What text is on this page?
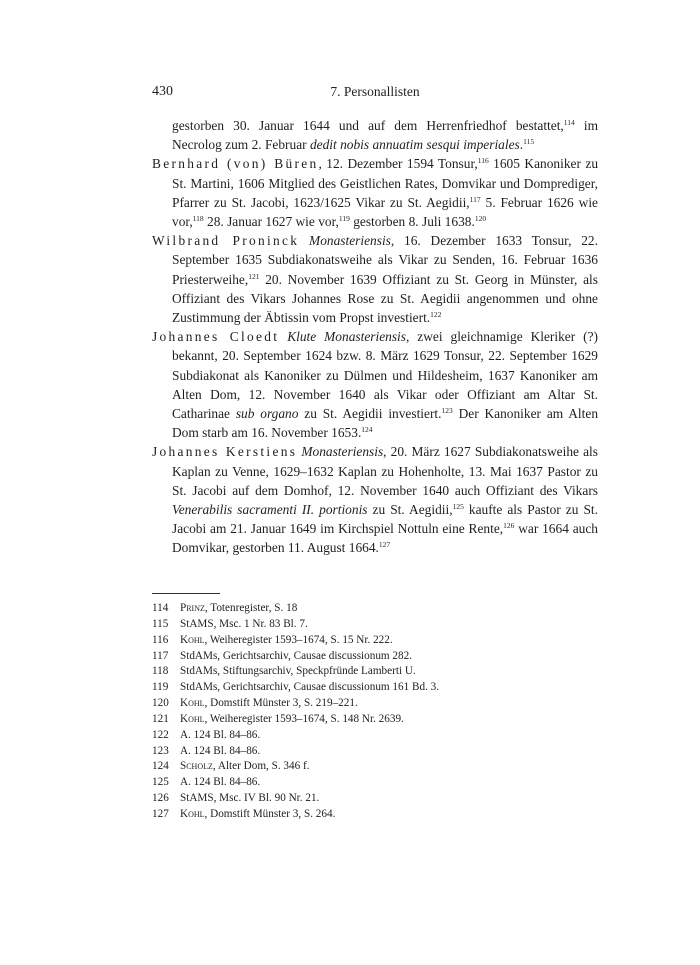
430	7. Personallisten

gestorben 30. Januar 1644 und auf dem Herrenfriedhof bestattet,$^{114}$ im Necrolog zum 2. Februar dedit nobis annuatim sesqui imperiales.$^{115}$

Bernhard (von) Büren, 12. Dezember 1594 Tonsur,$^{116}$ 1605 Kanoniker zu St. Martini, 1606 Mitglied des Geistlichen Rates, Domvikar und Domprediger, Pfarrer zu St. Jacobi, 1623/1625 Vikar zu St. Aegidii,$^{117}$ 5. Februar 1626 wie vor,$^{118}$ 28. Januar 1627 wie vor,$^{119}$ gestorben 8. Juli 1638.$^{120}$

Wilbrand Proninck Monasteriensis, 16. Dezember 1633 Tonsur, 22. September 1635 Subdiakonatsweihe als Vikar zu Senden, 16. Februar 1636 Priesterweihe,$^{121}$ 20. November 1639 Offiziant zu St. Georg in Münster, als Offiziant des Vikars Johannes Rose zu St. Aegidii angenommen und ohne Zustimmung der Äbtissin vom Propst investiert.$^{122}$

Johannes Cloedt Klute Monasteriensis, zwei gleichnamige Kleriker (?) bekannt, 20. September 1624 bzw. 8. März 1629 Tonsur, 22. September 1629 Subdiakonat als Kanoniker zu Dülmen und Hildesheim, 1637 Kanoniker am Alten Dom, 12. November 1640 als Vikar oder Offiziant am Altar St. Catharinae sub organo zu St. Aegidii investiert.$^{123}$ Der Kanoniker am Alten Dom starb am 16. November 1653.$^{124}$

Johannes Kerstiens Monasteriensis, 20. März 1627 Subdiakonatsweihe als Kaplan zu Venne, 1629–1632 Kaplan zu Hohenholte, 13. Mai 1637 Pastor zu St. Jacobi auf dem Domhof, 12. November 1640 auch Offiziant des Vikars Venerabilis sacramenti II. portionis zu St. Aegidii,$^{125}$ kaufte als Pastor zu St. Jacobi am 21. Januar 1649 im Kirchspiel Nottuln eine Rente,$^{126}$ war 1664 auch Domvikar, gestorben 11. August 1664.$^{127}$

114 Prinz, Totenregister, S. 18

115 StAMS, Msc. 1 Nr. 83 Bl. 7.

116 Kohl, Weiheregister 1593–1674, S. 15 Nr. 222.

117 StdAMs, Gerichtsarchiv, Causae discussionum 282.

118 StdAMs, Stiftungsarchiv, Speckpfründe Lamberti U.

119 StdAMs, Gerichtsarchiv, Causae discussionum 161 Bd. 3.

120 Kohl, Domstift Münster 3, S. 219–221.

121 Kohl, Weiheregister 1593–1674, S. 148 Nr. 2639.

122 A. 124 Bl. 84–86.

123 A. 124 Bl. 84–86.

124 Scholz, Alter Dom, S. 346 f.

125 A. 124 Bl. 84–86.

126 StAMS, Msc. IV Bl. 90 Nr. 21.

127 Kohl, Domstift Münster 3, S. 264.
